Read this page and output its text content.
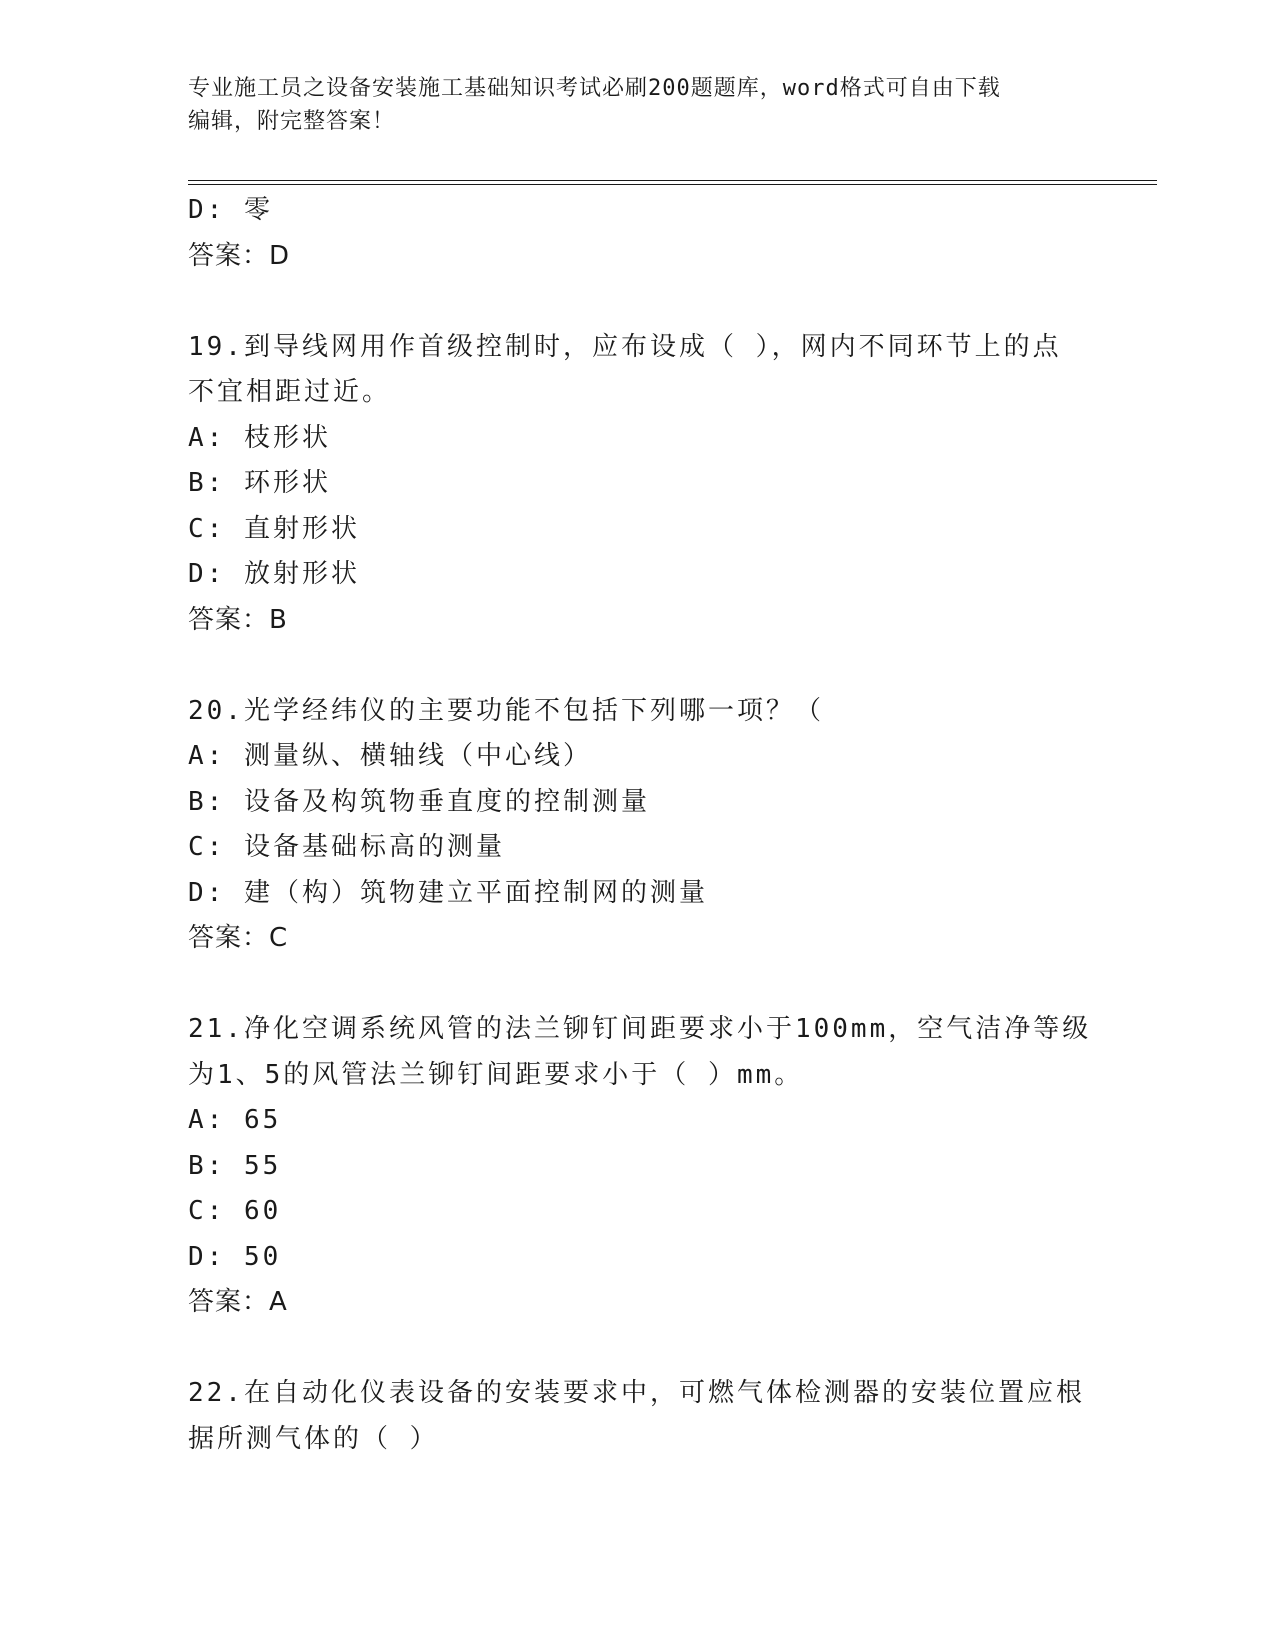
专业施工员之设备安装施工基础知识考试必刷200题题库，word格式可自由下载
编辑，附完整答案！
D: 零
答案：D
19.到导线网用作首级控制时，应布设成（ ），网内不同环节上的点
不宜相距过近。
A: 枝形状
B: 环形状
C: 直射形状
D: 放射形状
答案：B
20.光学经纬仪的主要功能不包括下列哪一项？（
A: 测量纵、横轴线（中心线）
B: 设备及构筑物垂直度的控制测量
C: 设备基础标高的测量
D: 建（构）筑物建立平面控制网的测量
答案：C
21.净化空调系统风管的法兰铆钉间距要求小于100mm，空气洁净等级
为1、5的风管法兰铆钉间距要求小于（ ）mm。
A: 65
B: 55
C: 60
D: 50
答案：A
22.在自动化仪表设备的安装要求中，可燃气体检测器的安装位置应根
据所测气体的（ ）
